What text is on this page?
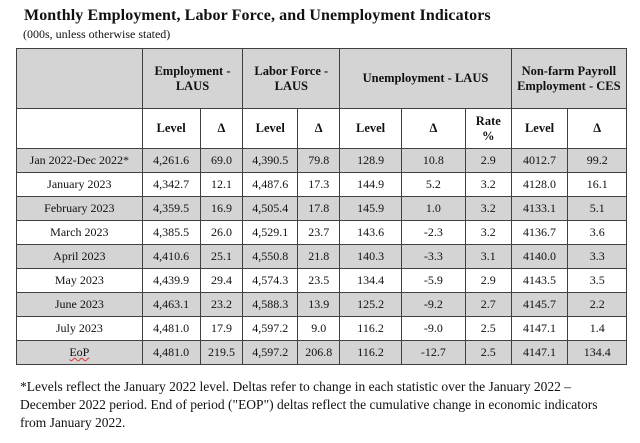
Monthly Employment, Labor Force, and Unemployment Indicators
(000s, unless otherwise stated)
	Employment - LAUS		Labor Force - LAUS		Unemployment - LAUS			Non-farm Payroll Employment - CES	
	Level	Δ	Level	Δ	Level	Δ	Rate %	Level	Δ
Jan 2022-Dec 2022*	4,261.6	69.0	4,390.5	79.8	128.9	10.8	2.9	4012.7	99.2
January 2023	4,342.7	12.1	4,487.6	17.3	144.9	5.2	3.2	4128.0	16.1
February 2023	4,359.5	16.9	4,505.4	17.8	145.9	1.0	3.2	4133.1	5.1
March 2023	4,385.5	26.0	4,529.1	23.7	143.6	-2.3	3.2	4136.7	3.6
April 2023	4,410.6	25.1	4,550.8	21.8	140.3	-3.3	3.1	4140.0	3.3
May 2023	4,439.9	29.4	4,574.3	23.5	134.4	-5.9	2.9	4143.5	3.5
June 2023	4,463.1	23.2	4,588.3	13.9	125.2	-9.2	2.7	4145.7	2.2
July 2023	4,481.0	17.9	4,597.2	9.0	116.2	-9.0	2.5	4147.1	1.4
EoP	4,481.0	219.5	4,597.2	206.8	116.2	-12.7	2.5	4147.1	134.4

*Levels reflect the January 2022 level. Deltas refer to change in each statistic over the January 2022 – December 2022 period. End of period ("EOP") deltas reflect the cumulative change in economic indicators from January 2022.
